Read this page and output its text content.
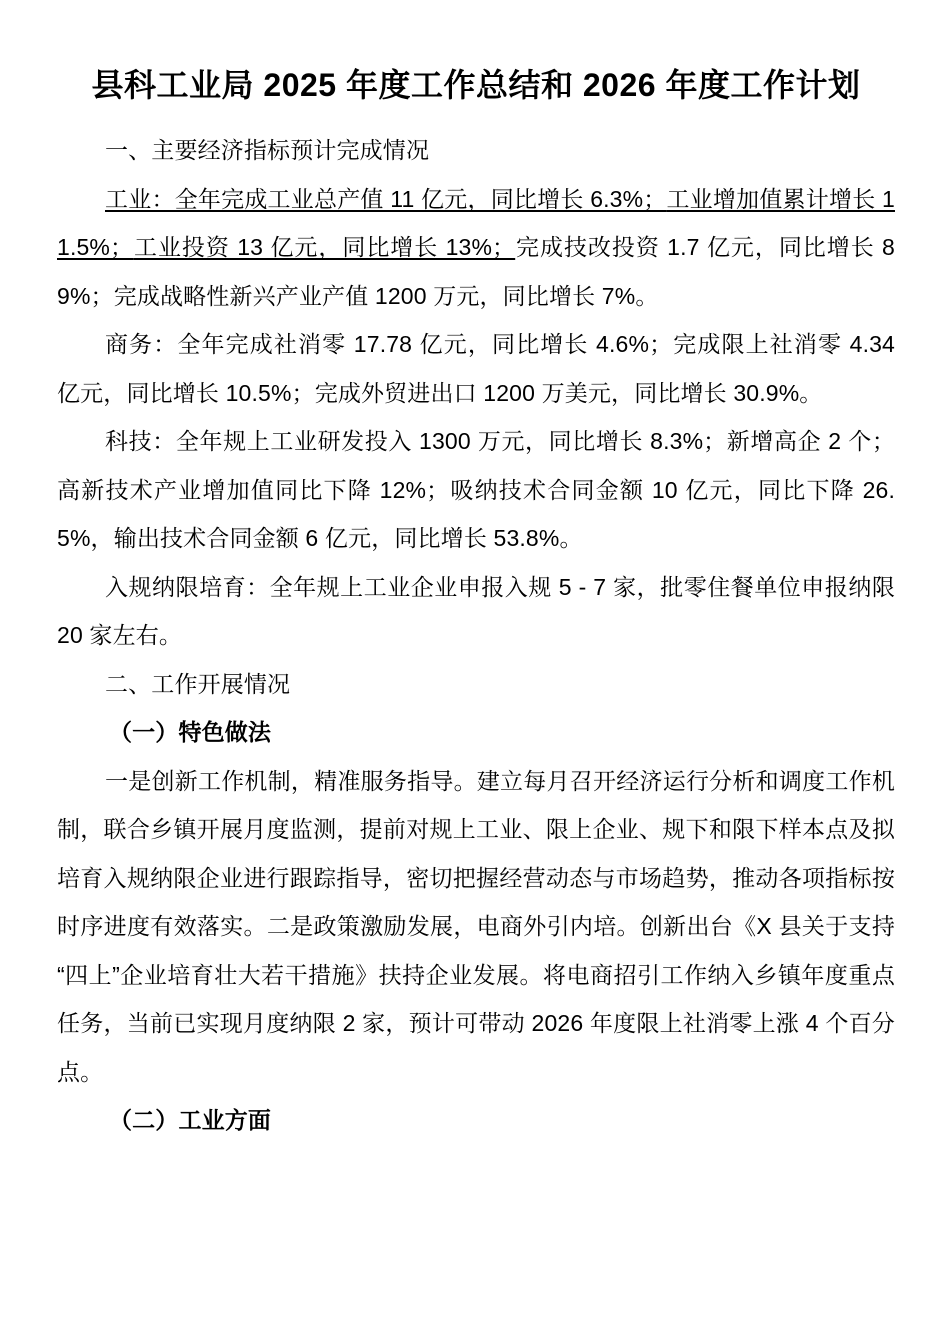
县科工业局 2025 年度工作总结和 2026 年度工作计划

一、主要经济指标预计完成情况

工业：全年完成工业总产值 11 亿元，同比增长 6.3%；工业增加值累计增长 11.5%；工业投资 13 亿元，同比增长 13%；完成技改投资 1.7 亿元，同比增长 89%；完成战略性新兴产业产值 1200 万元，同比增长 7%。

商务：全年完成社消零 17.78 亿元，同比增长 4.6%；完成限上社消零 4.34 亿元，同比增长 10.5%；完成外贸进出口 1200 万美元，同比增长 30.9%。

科技：全年规上工业研发投入 1300 万元，同比增长 8.3%；新增高企 2 个；高新技术产业增加值同比下降 12%；吸纳技术合同金额 10 亿元，同比下降 26.5%，输出技术合同金额 6 亿元，同比增长 53.8%。

入规纳限培育：全年规上工业企业申报入规 5 - 7 家，批零住餐单位申报纳限 20 家左右。

二、工作开展情况

（一）特色做法

一是创新工作机制，精准服务指导。建立每月召开经济运行分析和调度工作机制，联合乡镇开展月度监测，提前对规上工业、限上企业、规下和限下样本点及拟培育入规纳限企业进行跟踪指导，密切把握经营动态与市场趋势，推动各项指标按时序进度有效落实。二是政策激励发展，电商外引内培。创新出台《X 县关于支持“四上”企业培育壮大若干措施》扶持企业发展。将电商招引工作纳入乡镇年度重点任务，当前已实现月度纳限 2 家，预计可带动 2026 年度限上社消零上涨 4 个百分点。

（二）工业方面
